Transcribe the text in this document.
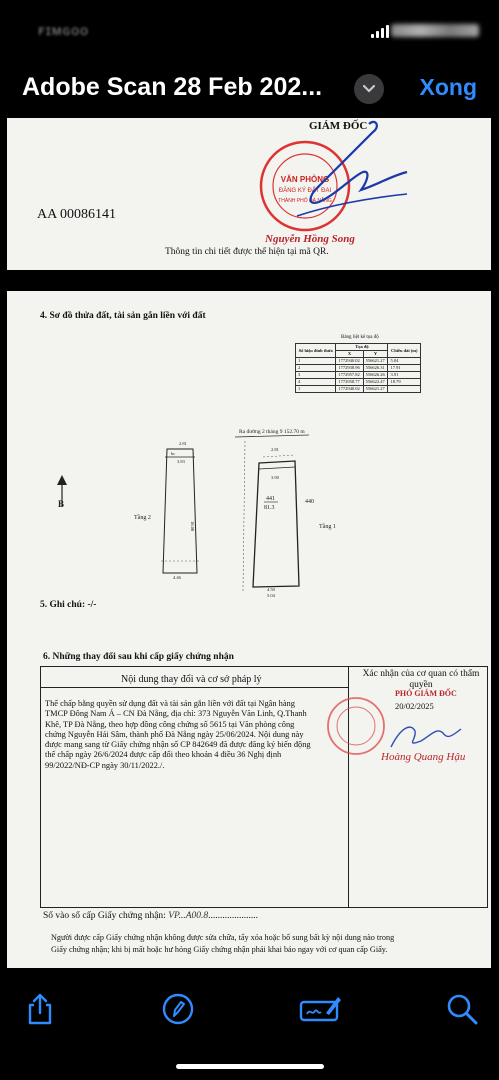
ꜰɪᴍɢᴏᴏ
Adobe Scan 28 Feb 202...	Xong
GIÁM ĐỐC
VĂN PHÒNG
ĐĂNG KÝ ĐẤT ĐAI
THÀNH PHỐ ĐÀ NẴNG
AA 00086141
Nguyễn Hồng Song
Thông tin chi tiết được thể hiện tại mã QR.
4. Sơ đồ thửa đất, tài sản gắn liền với đất
Bảng liệt kê tọa độ
Số hiệu đỉnh thửa	Tọa độ		Chiều dài (m)
	X	Y	
1	1772940.02	556621.27	5.04
2	1772938.96	556626.31	17.91
3	1772957.82	556626.26	3.91
4	1772958.77	556622.47	18.79
1	1772940.02	556621.27	
Ra đường 2 tháng 9 152.70 m
2.81
3.90
441
81.3
440
Tầng 1
4.50
5.04
2.81
bc
3.83
4.46
18.00
Tầng 2
B
5. Ghi chú: -/-
6. Những thay đổi sau khi cấp giấy chứng nhận
Nội dung thay đổi và cơ sở pháp lý	Xác nhận của cơ quan có thẩm quyền
Thế chấp bằng quyền sử dụng đất và tài sản gắn liền với đất tại Ngân hàng
TMCP Đông Nam Á – CN Đà Nẵng, địa chỉ: 373 Nguyễn Văn Linh, Q.Thanh
Khê, TP Đà Nẵng, theo hợp đồng công chứng số 5615 tại Văn phòng công
chứng Nguyễn Hải Sâm, thành phố Đà Nẵng ngày 25/06/2024. Nội dung này
được mang sang từ Giấy chứng nhận số CP 842649 đã được đăng ký biến động
thế chấp ngày 26/6/2024 được cấp đổi theo khoản 4 điều 36 Nghị định
99/2022/NĐ-CP ngày 30/11/2022./.
PHÓ GIÁM ĐỐC
20/02/2025
Hoàng Quang Hậu
Số vào sổ cấp Giấy chứng nhận: VP...A00.8.....................
Người được cấp Giấy chứng nhận không được sửa chữa, tẩy xóa hoặc bổ sung bất kỳ nội dung nào trong
Giấy chứng nhận; khi bị mất hoặc hư hỏng Giấy chứng nhận phải khai báo ngay với cơ quan cấp Giấy.
